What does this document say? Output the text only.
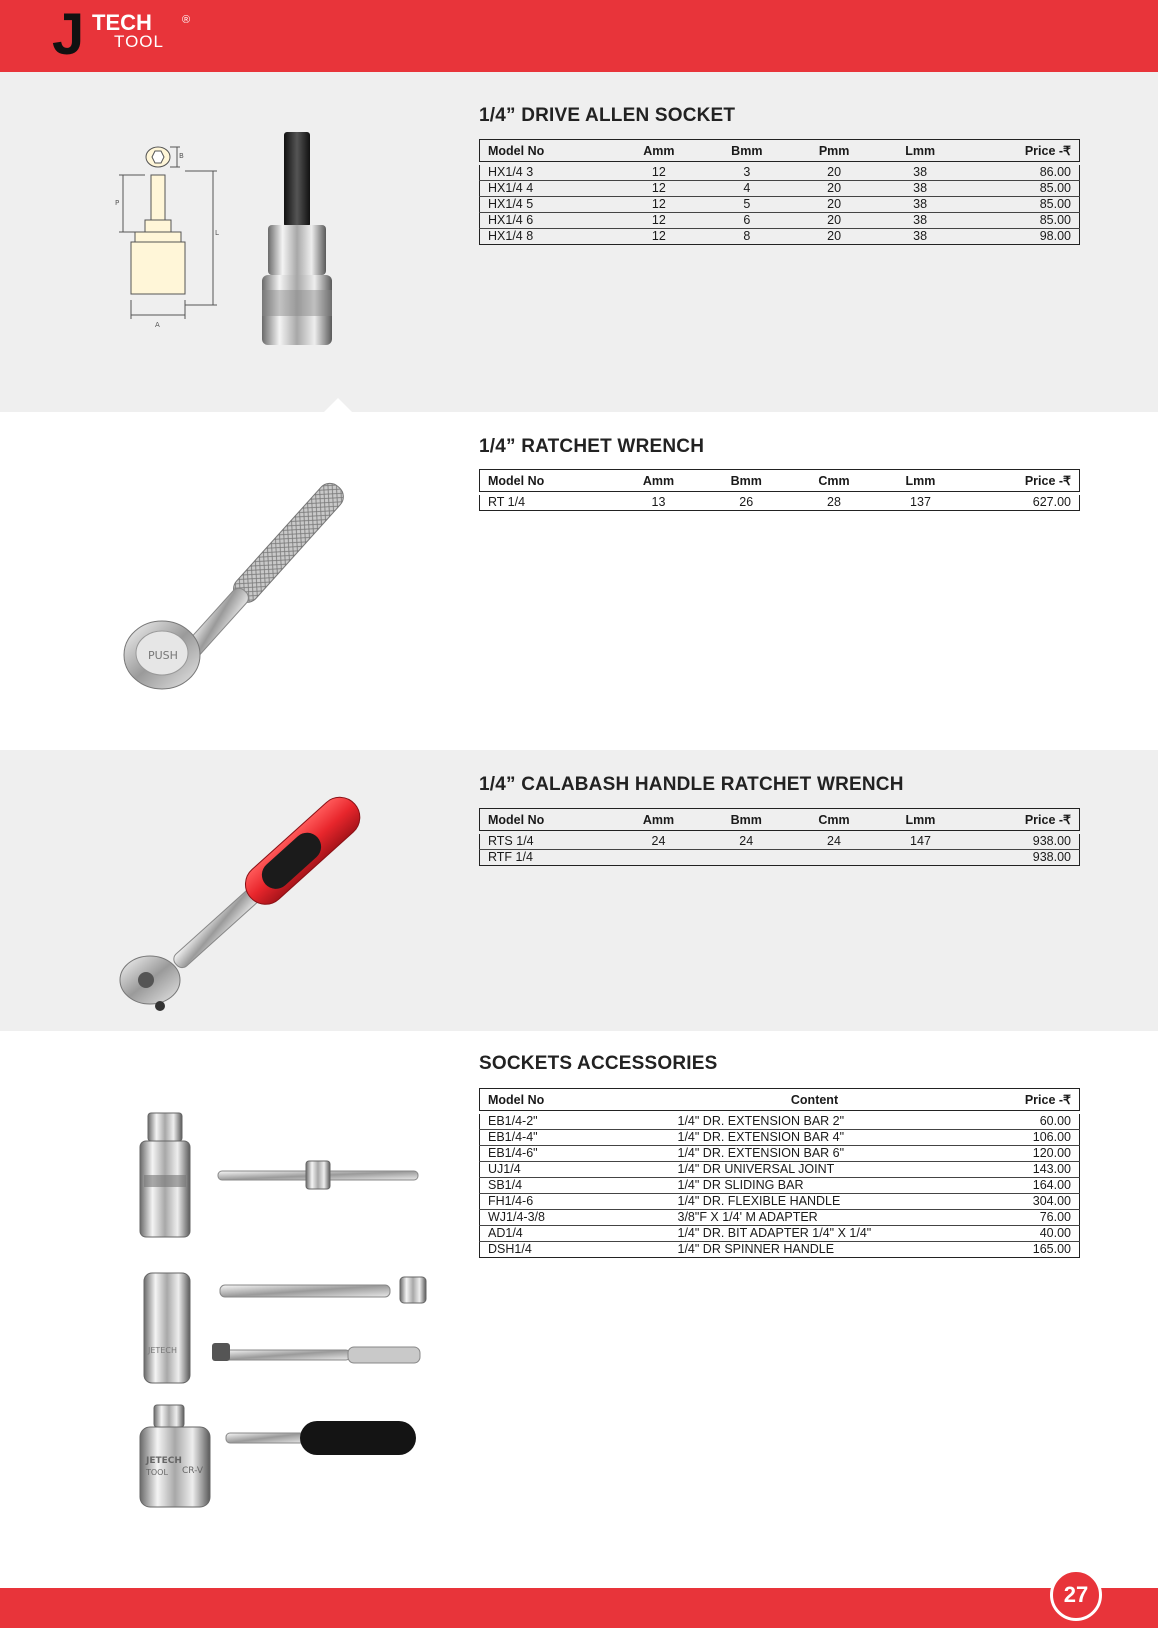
J TECH
TOOL
®
B
P
L
A
1/4” DRIVE ALLEN SOCKET
Model No	Amm	Bmm	Pmm	Lmm	Price -₹

HX1/4 3	12	3	20	38	86.00
HX1/4 4	12	4	20	38	85.00
HX1/4 5	12	5	20	38	85.00
HX1/4 6	12	6	20	38	85.00
HX1/4 8	12	8	20	38	98.00
PUSH
1/4” RATCHET WRENCH
Model No	Amm	Bmm	Cmm	Lmm	Price -₹

RT 1/4	13	26	28	137	627.00
1/4” CALABASH HANDLE RATCHET WRENCH
Model No	Amm	Bmm	Cmm	Lmm	Price -₹

RTS 1/4	24	24	24	147	938.00
RTF 1/4					938.00
JETECH
JETECH
TOOL CR-V
SOCKETS ACCESSORIES
Model No	Content	Price -₹

EB1/4-2"	1/4" DR. EXTENSION BAR 2"	60.00
EB1/4-4"	1/4" DR. EXTENSION BAR 4"	106.00
EB1/4-6"	1/4" DR. EXTENSION BAR 6"	120.00
UJ1/4	1/4" DR UNIVERSAL JOINT	143.00
SB1/4	1/4" DR SLIDING BAR	164.00
FH1/4-6	1/4" DR. FLEXIBLE HANDLE	304.00
WJ1/4-3/8	3/8"F X 1/4' M ADAPTER	76.00
AD1/4	1/4" DR. BIT ADAPTER 1/4" X 1/4"	40.00
DSH1/4	1/4" DR SPINNER HANDLE	165.00
27
